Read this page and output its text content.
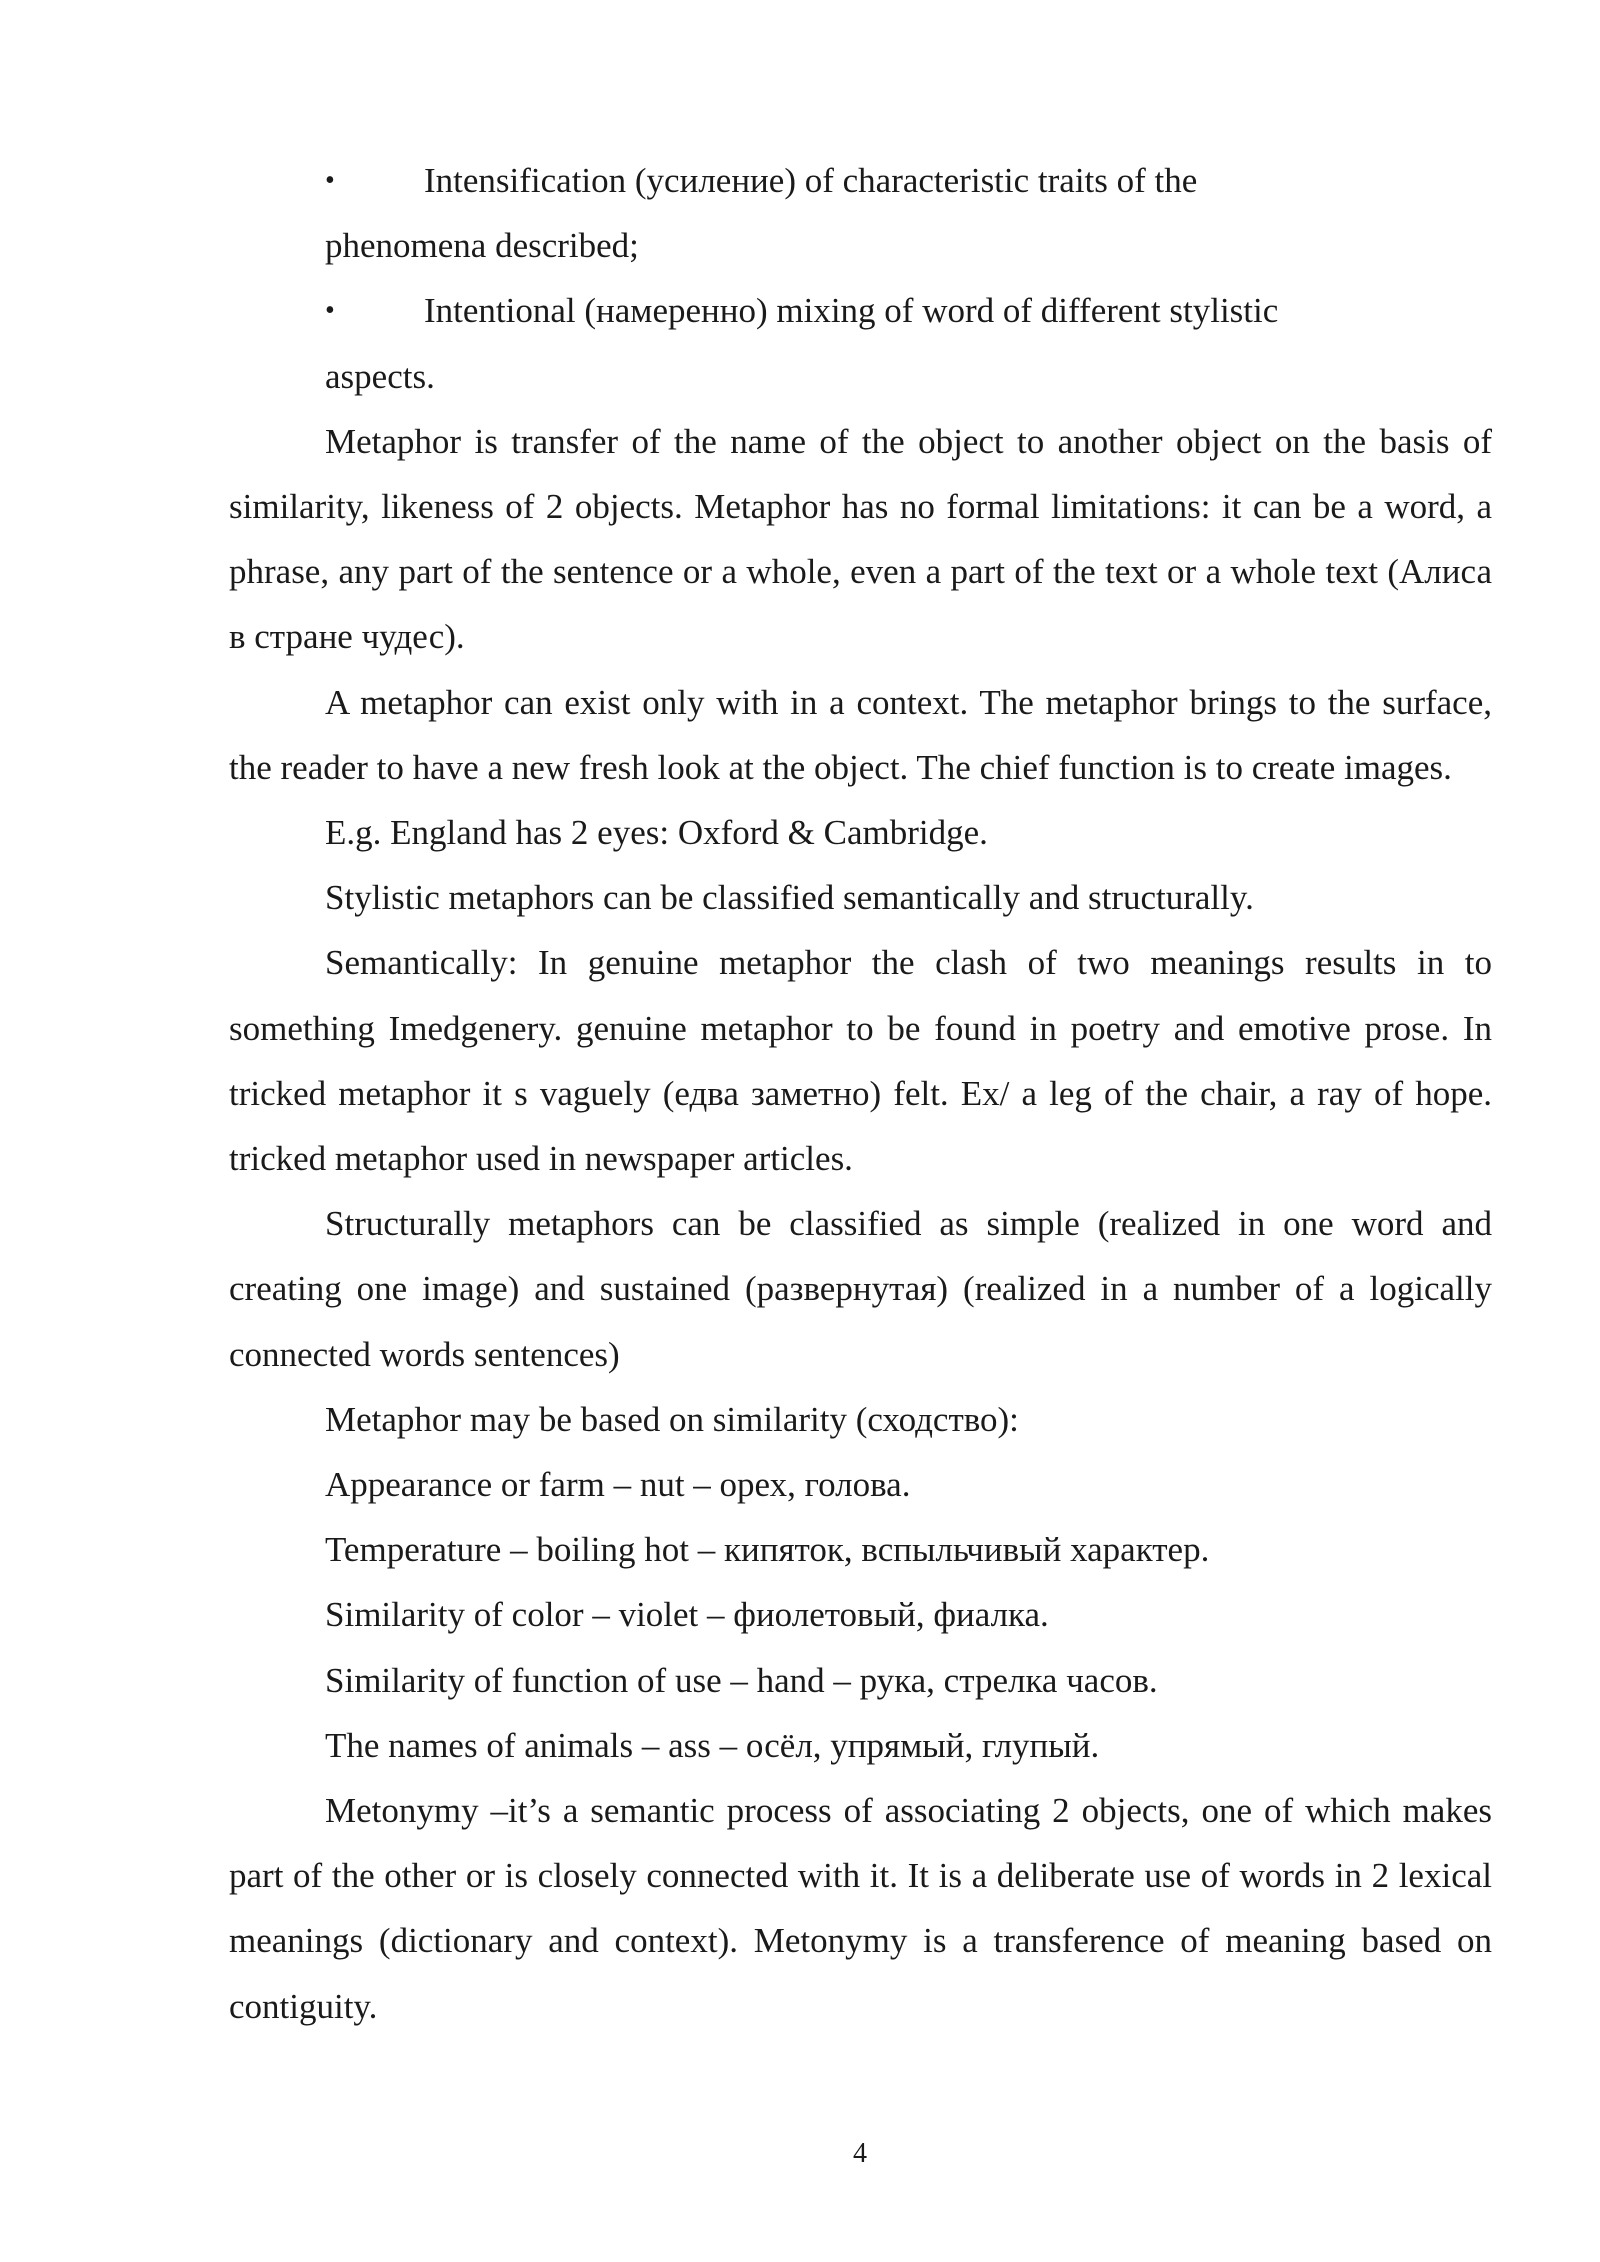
•	Intensification (усиление) of characteristic traits of the
phenomena described;
•	Intentional (намеренно) mixing of word of different stylistic
aspects.

Metaphor is transfer of the name of the object to another object on the basis of similarity, likeness of 2 objects. Metaphor has no formal limitations: it can be a word, a phrase, any part of the sentence or a whole, even a part of the text or a whole text (Алиса в стране чудес).

A metaphor can exist only with in a context. The metaphor brings to the surface, the reader to have a new fresh look at the object. The chief function is to create images.

E.g. England has 2 eyes: Oxford & Cambridge.

Stylistic metaphors can be classified semantically and structurally.

Semantically: In genuine metaphor the clash of two meanings results in to something Imedgenery. genuine metaphor to be found in poetry and emotive prose. In tricked metaphor it s vaguely (едва заметно) felt. Ex/ a leg of the chair, a ray of hope. tricked metaphor used in newspaper articles.

Structurally metaphors can be classified as simple (realized in one word and creating one image) and sustained (развернутая) (realized in a number of a logically connected words sentences)

Metaphor may be based on similarity (сходство):

Appearance or farm – nut – орех, голова.

Temperature – boiling hot – кипяток, вспыльчивый характер.

Similarity of color – violet – фиолетовый, фиалка.

Similarity of function of use – hand – рука, стрелка часов.

The names of animals – ass – осёл, упрямый, глупый.

Metonymy –it’s a semantic process of associating 2 objects, one of which makes part of the other or is closely connected with it. It is a deliberate use of words in 2 lexical meanings (dictionary and context). Metonymy is a transference of meaning based on contiguity.

4
